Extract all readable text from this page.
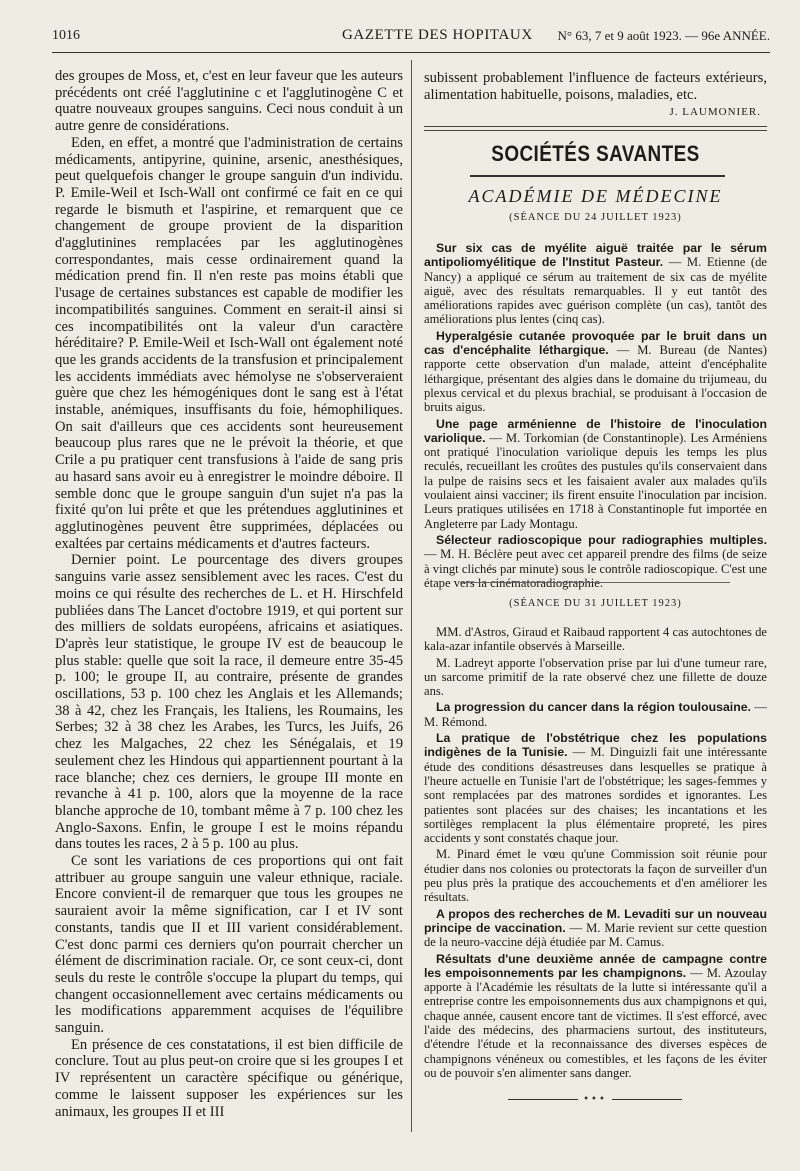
1016	GAZETTE DES HOPITAUX N° 63, 7 et 9 août 1923. — 96e ANNÉE.

des groupes de Moss, et, c'est en leur faveur que les auteurs précédents ont créé l'agglutinine c et l'agglutinogène C et quatre nouveaux groupes sanguins. Ceci nous conduit à un autre genre de considérations.

Eden, en effet, a montré que l'administration de certains médicaments, antipyrine, quinine, arsenic, anesthésiques, peut quelquefois changer le groupe sanguin d'un individu. P. Emile-Weil et Isch-Wall ont confirmé ce fait en ce qui regarde le bismuth et l'aspirine, et remarquent que ce changement de groupe provient de la disparition d'agglutinines remplacées par les agglutinogènes correspondantes, mais cesse ordinairement quand la médication prend fin. Il n'en reste pas moins établi que l'usage de certaines substances est capable de modifier les incompatibilités sanguines. Comment en serait-il ainsi si ces incompatibilités ont la valeur d'un caractère héréditaire? P. Emile-Weil et Isch-Wall ont également noté que les grands accidents de la transfusion et principalement les accidents immédiats avec hémolyse ne s'observeraient guère que chez les hémogéniques dont le sang est à l'état instable, anémiques, insuffisants du foie, hémophiliques. On sait d'ailleurs que ces accidents sont heureusement beaucoup plus rares que ne le prévoit la théorie, et que Crile a pu pratiquer cent transfusions à l'aide de sang pris au hasard sans avoir eu à enregistrer le moindre déboire. Il semble donc que le groupe sanguin d'un sujet n'a pas la fixité qu'on lui prête et que les prétendues agglutinines et agglutinogènes peuvent être supprimées, déplacées ou exaltées par certains médicaments et d'autres facteurs.

Dernier point. Le pourcentage des divers groupes sanguins varie assez sensiblement avec les races. C'est du moins ce qui résulte des recherches de L. et H. Hirschfeld publiées dans The Lancet d'octobre 1919, et qui portent sur des milliers de soldats européens, africains et asiatiques. D'après leur statistique, le groupe IV est de beaucoup le plus stable: quelle que soit la race, il demeure entre 35-45 p. 100; le groupe II, au contraire, présente de grandes oscillations, 53 p. 100 chez les Anglais et les Allemands; 38 à 42, chez les Français, les Italiens, les Roumains, les Serbes; 32 à 38 chez les Arabes, les Turcs, les Juifs, 26 chez les Malgaches, 22 chez les Sénégalais, et 19 seulement chez les Hindous qui appartiennent pourtant à la race blanche; chez ces derniers, le groupe III monte en revanche à 41 p. 100, alors que la moyenne de la race blanche approche de 10, tombant même à 7 p. 100 chez les Anglo-Saxons. Enfin, le groupe I est le moins répandu dans toutes les races, 2 à 5 p. 100 au plus.

Ce sont les variations de ces proportions qui ont fait attribuer au groupe sanguin une valeur ethnique, raciale. Encore convient-il de remarquer que tous les groupes ne sauraient avoir la même signification, car I et IV sont constants, tandis que II et III varient considérablement. C'est donc parmi ces derniers qu'on pourrait chercher un élément de discrimination raciale. Or, ce sont ceux-ci, dont seuls du reste le contrôle s'occupe la plupart du temps, qui changent occasionnellement avec certains médicaments ou les modifications apparemment acquises de l'équilibre sanguin.

En présence de ces constatations, il est bien difficile de conclure. Tout au plus peut-on croire que si les groupes I et IV représentent un caractère spécifique ou générique, comme le laissent supposer les expériences sur les animaux, les groupes II et III

subissent probablement l'influence de facteurs extérieurs, alimentation habituelle, poisons, maladies, etc.

J. LAUMONIER.
SOCIÉTÉS SAVANTES
ACADÉMIE DE MÉDECINE
(SÉANCE DU 24 JUILLET 1923)

Sur six cas de myélite aiguë traitée par le sérum antipoliomyélitique de l'Institut Pasteur. — M. Etienne (de Nancy) a appliqué ce sérum au traitement de six cas de myélite aiguë, avec des résultats remarquables. Il y eut tantôt des améliorations rapides avec guérison complète (un cas), tantôt des améliorations plus lentes (cinq cas).

Hyperalgésie cutanée provoquée par le bruit dans un cas d'encéphalite léthargique. — M. Bureau (de Nantes) rapporte cette observation d'un malade, atteint d'encéphalite léthargique, présentant des algies dans le domaine du trijumeau, du plexus cervical et du plexus brachial, se produisant à l'occasion de bruits aigus.

Une page arménienne de l'histoire de l'inoculation variolique. — M. Torkomian (de Constantinople). Les Arméniens ont pratiqué l'inoculation variolique depuis les temps les plus reculés, recueillant les croûtes des pustules qu'ils conservaient dans la pulpe de raisins secs et les faisaient avaler aux malades qu'ils voulaient ainsi vacciner; ils firent ensuite l'inoculation par incision. Leurs pratiques utilisées en 1718 à Constantinople fut importée en Angleterre par Lady Montagu.

Sélecteur radioscopique pour radiographies multiples. — M. H. Béclère peut avec cet appareil prendre des films (de seize à vingt clichés par minute) sous le contrôle radioscopique. C'est une étape vers la cinématoradiographie.

(SÉANCE DU 31 JUILLET 1923)

MM. d'Astros, Giraud et Raibaud rapportent 4 cas autochtones de kala-azar infantile observés à Marseille.

M. Ladreyt apporte l'observation prise par lui d'une tumeur rare, un sarcome primitif de la rate observé chez une fillette de douze ans.

La progression du cancer dans la région toulousaine. — M. Rémond.

La pratique de l'obstétrique chez les populations indigènes de la Tunisie. — M. Dinguizli fait une intéressante étude des conditions désastreuses dans lesquelles se pratique à l'heure actuelle en Tunisie l'art de l'obstétrique; les sages-femmes y sont remplacées par des matrones sordides et ignorantes. Les patientes sont placées sur des chaises; les incantations et les sortilèges remplacent la plus élémentaire propreté, les pires accidents y sont constatés chaque jour.

M. Pinard émet le vœu qu'une Commission soit réunie pour étudier dans nos colonies ou protectorats la façon de surveiller d'un peu plus près la pratique des accouchements et d'en améliorer les résultats.

A propos des recherches de M. Levaditi sur un nouveau principe de vaccination. — M. Marie revient sur cette question de la neuro-vaccine déjà étudiée par M. Camus.

Résultats d'une deuxième année de campagne contre les empoisonnements par les champignons. — M. Azoulay apporte à l'Académie les résultats de la lutte si intéressante qu'il a entreprise contre les empoisonnements dus aux champignons et qui, chaque année, causent encore tant de victimes. Il s'est efforcé, avec l'aide des médecins, des pharmaciens surtout, des instituteurs, d'étendre l'étude et la reconnaissance des diverses espèces de champignons vénéneux ou comestibles, et les façons de les éviter ou de pouvoir s'en alimenter sans danger.

•••
